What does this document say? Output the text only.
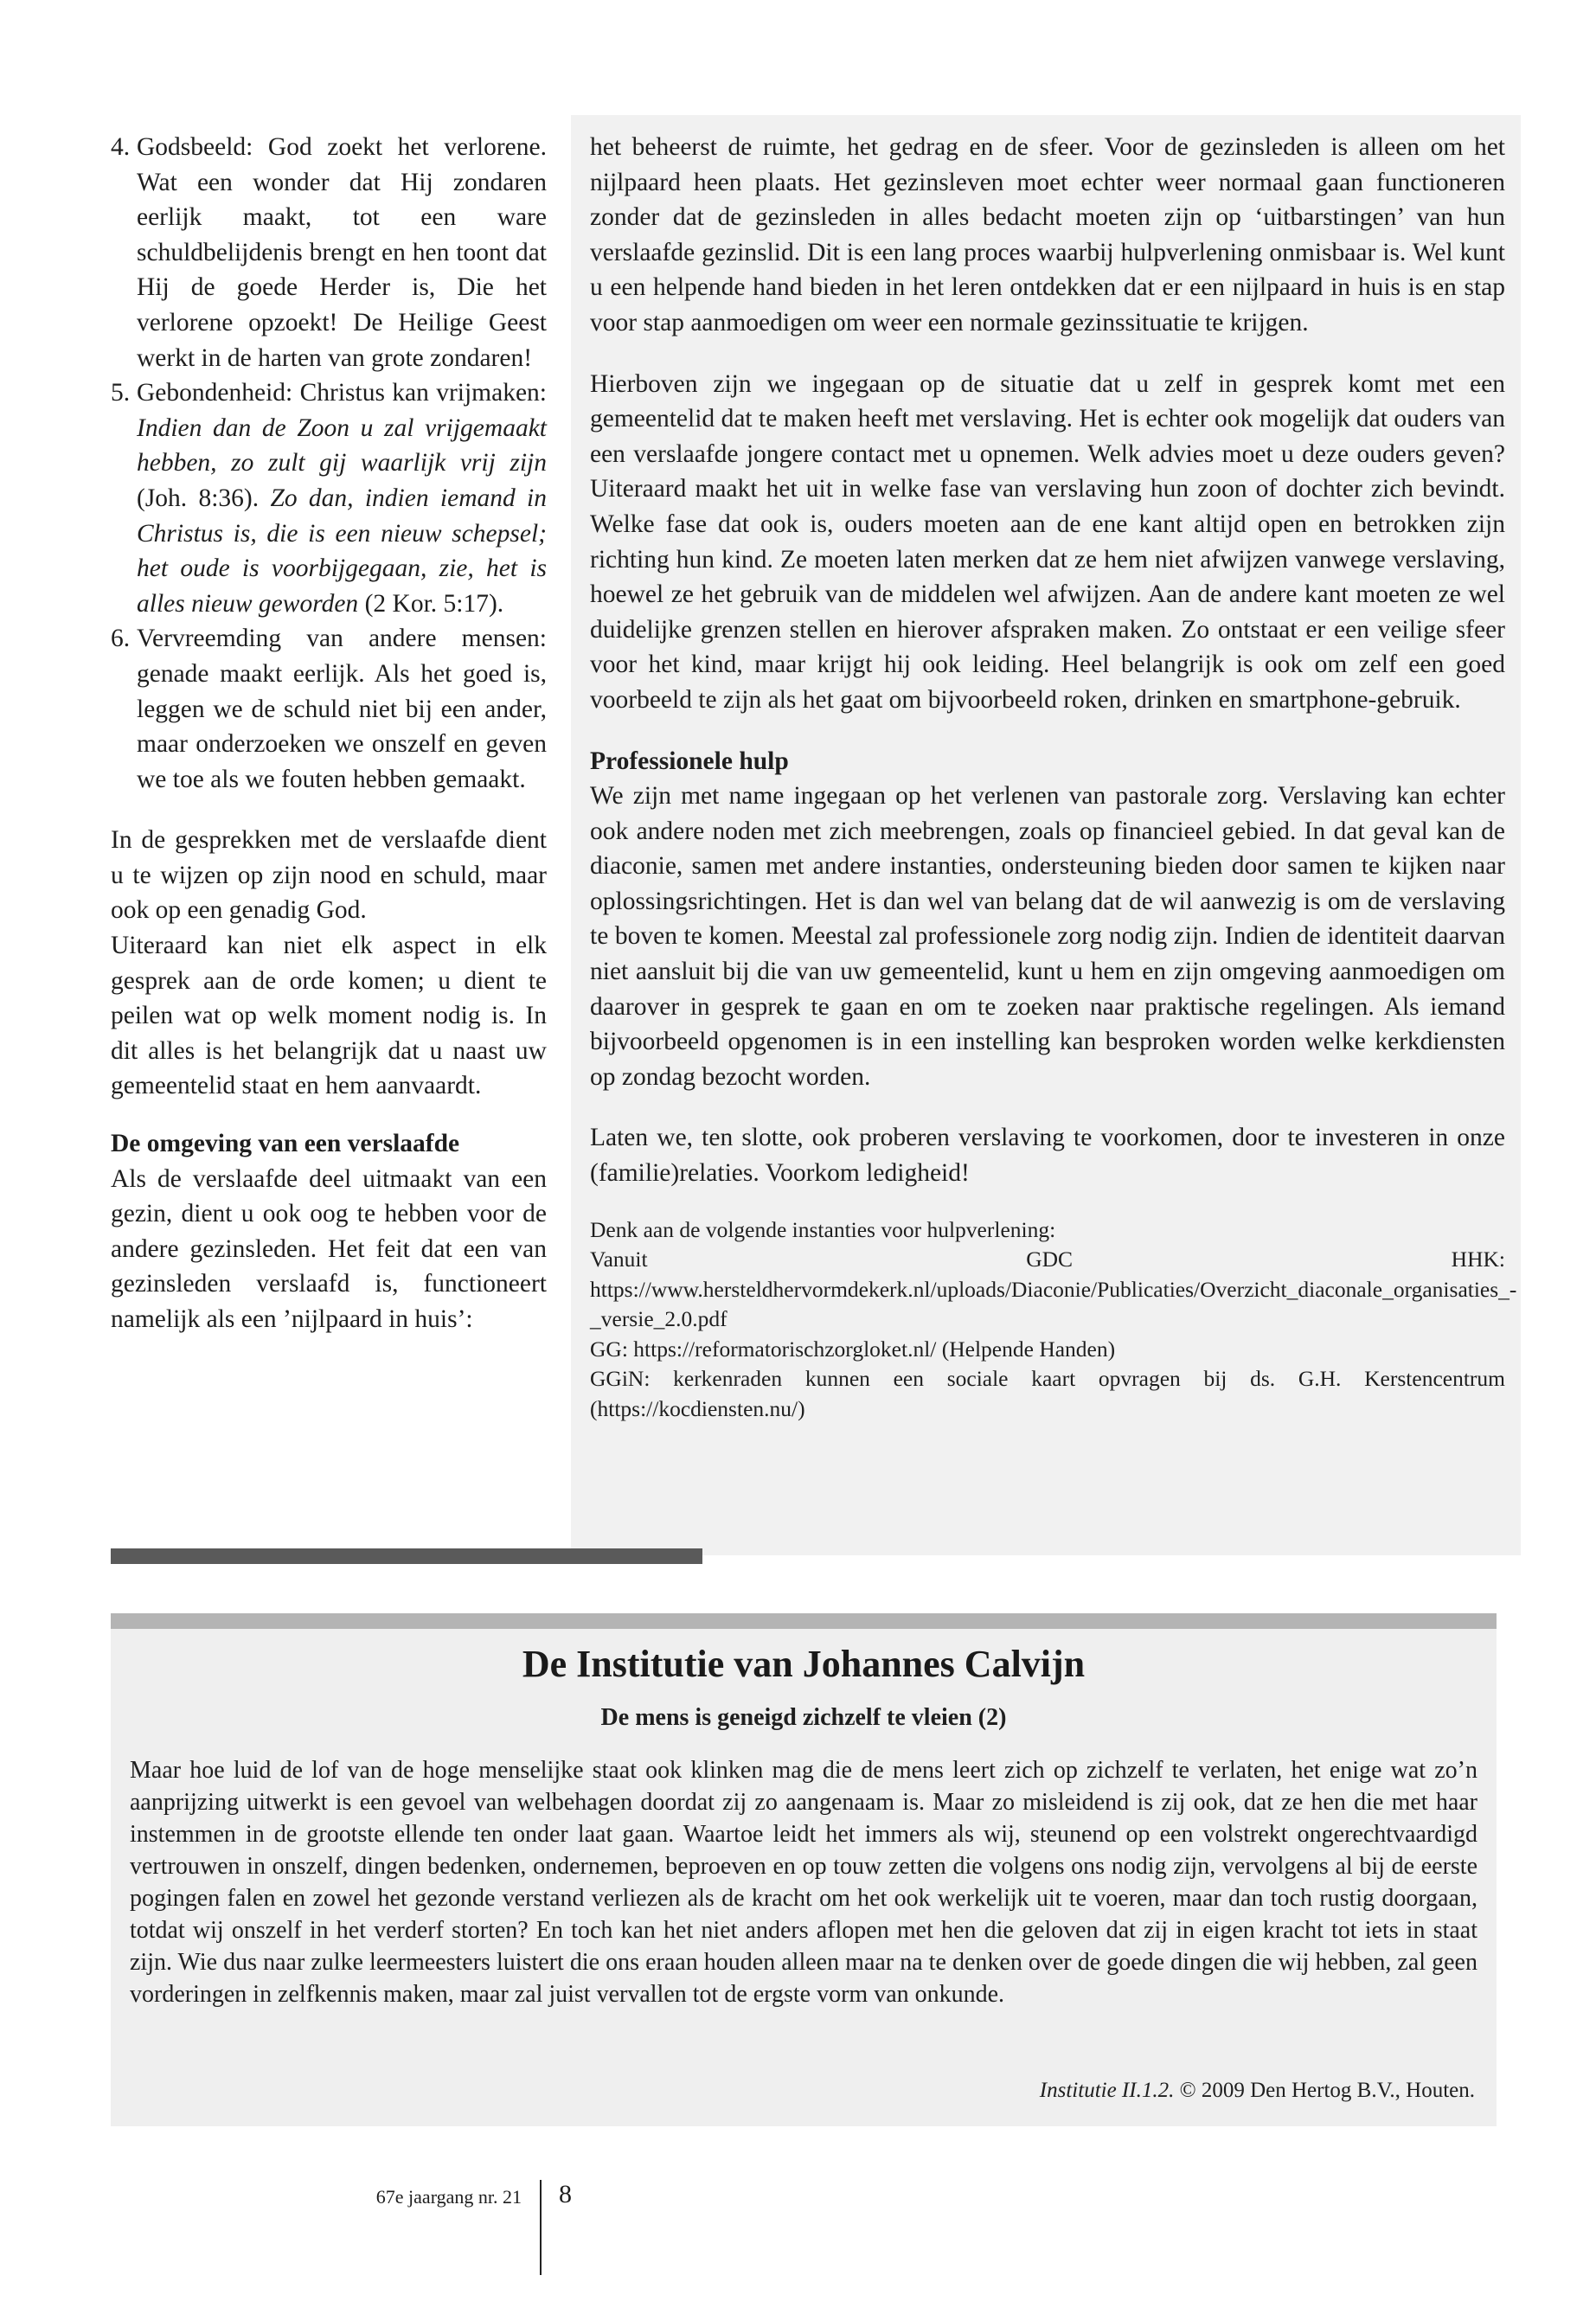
4. Godsbeeld: God zoekt het verlorene. Wat een wonder dat Hij zondaren eerlijk maakt, tot een ware schuldbelijdenis brengt en hen toont dat Hij de goede Herder is, Die het verlorene opzoekt! De Heilige Geest werkt in de harten van grote zondaren!
5. Gebondenheid: Christus kan vrijmaken: Indien dan de Zoon u zal vrijgemaakt hebben, zo zult gij waarlijk vrij zijn (Joh. 8:36). Zo dan, indien iemand in Christus is, die is een nieuw schepsel; het oude is voorbijgegaan, zie, het is alles nieuw geworden (2 Kor. 5:17).
6. Vervreemding van andere mensen: genade maakt eerlijk. Als het goed is, leggen we de schuld niet bij een ander, maar onderzoeken we onszelf en geven we toe als we fouten hebben gemaakt.

In de gesprekken met de verslaafde dient u te wijzen op zijn nood en schuld, maar ook op een genadig God.

Uiteraard kan niet elk aspect in elk gesprek aan de orde komen; u dient te peilen wat op welk moment nodig is. In dit alles is het belangrijk dat u naast uw gemeentelid staat en hem aanvaardt.

De omgeving van een verslaafde

Als de verslaafde deel uitmaakt van een gezin, dient u ook oog te hebben voor de andere gezinsleden. Het feit dat een van gezinsleden verslaafd is, functioneert namelijk als een ’nijlpaard in huis’:

het beheerst de ruimte, het gedrag en de sfeer. Voor de gezinsleden is alleen om het nijlpaard heen plaats. Het gezinsleven moet echter weer normaal gaan functioneren zonder dat de gezinsleden in alles bedacht moeten zijn op ‘uitbarstingen’ van hun verslaafde gezinslid. Dit is een lang proces waarbij hulpverlening onmisbaar is. Wel kunt u een helpende hand bieden in het leren ontdekken dat er een nijlpaard in huis is en stap voor stap aanmoedigen om weer een normale gezinssituatie te krijgen.

Hierboven zijn we ingegaan op de situatie dat u zelf in gesprek komt met een gemeentelid dat te maken heeft met verslaving. Het is echter ook mogelijk dat ouders van een verslaafde jongere contact met u opnemen. Welk advies moet u deze ouders geven? Uiteraard maakt het uit in welke fase van verslaving hun zoon of dochter zich bevindt. Welke fase dat ook is, ouders moeten aan de ene kant altijd open en betrokken zijn richting hun kind. Ze moeten laten merken dat ze hem niet afwijzen vanwege verslaving, hoewel ze het gebruik van de middelen wel afwijzen. Aan de andere kant moeten ze wel duidelijke grenzen stellen en hierover afspraken maken. Zo ontstaat er een veilige sfeer voor het kind, maar krijgt hij ook leiding. Heel belangrijk is ook om zelf een goed voorbeeld te zijn als het gaat om bijvoorbeeld roken, drinken en smartphone-gebruik.

Professionele hulp

We zijn met name ingegaan op het verlenen van pastorale zorg. Verslaving kan echter ook andere noden met zich meebrengen, zoals op financieel gebied. In dat geval kan de diaconie, samen met andere instanties, ondersteuning bieden door samen te kijken naar oplossingsrichtingen. Het is dan wel van belang dat de wil aanwezig is om de verslaving te boven te komen. Meestal zal professionele zorg nodig zijn. Indien de identiteit daarvan niet aansluit bij die van uw gemeentelid, kunt u hem en zijn omgeving aanmoedigen om daarover in gesprek te gaan en om te zoeken naar praktische regelingen. Als iemand bijvoorbeeld opgenomen is in een instelling kan besproken worden welke kerkdiensten op zondag bezocht worden.

Laten we, ten slotte, ook proberen verslaving te voorkomen, door te investeren in onze (familie)relaties. Voorkom ledigheid!

Denk aan de volgende instanties voor hulpverlening:
Vanuit GDC HHK: https://www.hersteldhervormdekerk.nl/uploads/Diaconie/Publicaties/Overzicht_diaconale_organisaties_-_versie_2.0.pdf
GG: https://reformatorischzorgloket.nl/ (Helpende Handen)
GGiN: kerkenraden kunnen een sociale kaart opvragen bij ds. G.H. Kerstencentrum (https://kocdiensten.nu/)
De Institutie van Johannes Calvijn
De mens is geneigd zichzelf te vleien (2)
Maar hoe luid de lof van de hoge menselijke staat ook klinken mag die de mens leert zich op zichzelf te verlaten, het enige wat zo’n aanprijzing uitwerkt is een gevoel van welbehagen doordat zij zo aangenaam is. Maar zo misleidend is zij ook, dat ze hen die met haar instemmen in de grootste ellende ten onder laat gaan. Waartoe leidt het immers als wij, steunend op een volstrekt ongerechtvaardigd vertrouwen in onszelf, dingen bedenken, ondernemen, beproeven en op touw zetten die volgens ons nodig zijn, vervolgens al bij de eerste pogingen falen en zowel het gezonde verstand verliezen als de kracht om het ook werkelijk uit te voeren, maar dan toch rustig doorgaan, totdat wij onszelf in het verderf storten? En toch kan het niet anders aflopen met hen die geloven dat zij in eigen kracht tot iets in staat zijn. Wie dus naar zulke leermeesters luistert die ons eraan houden alleen maar na te denken over de goede dingen die wij hebben, zal geen vorderingen in zelfkennis maken, maar zal juist vervallen tot de ergste vorm van onkunde.
Institutie II.1.2. © 2009 Den Hertog B.V., Houten.
67e jaargang nr. 21 8
